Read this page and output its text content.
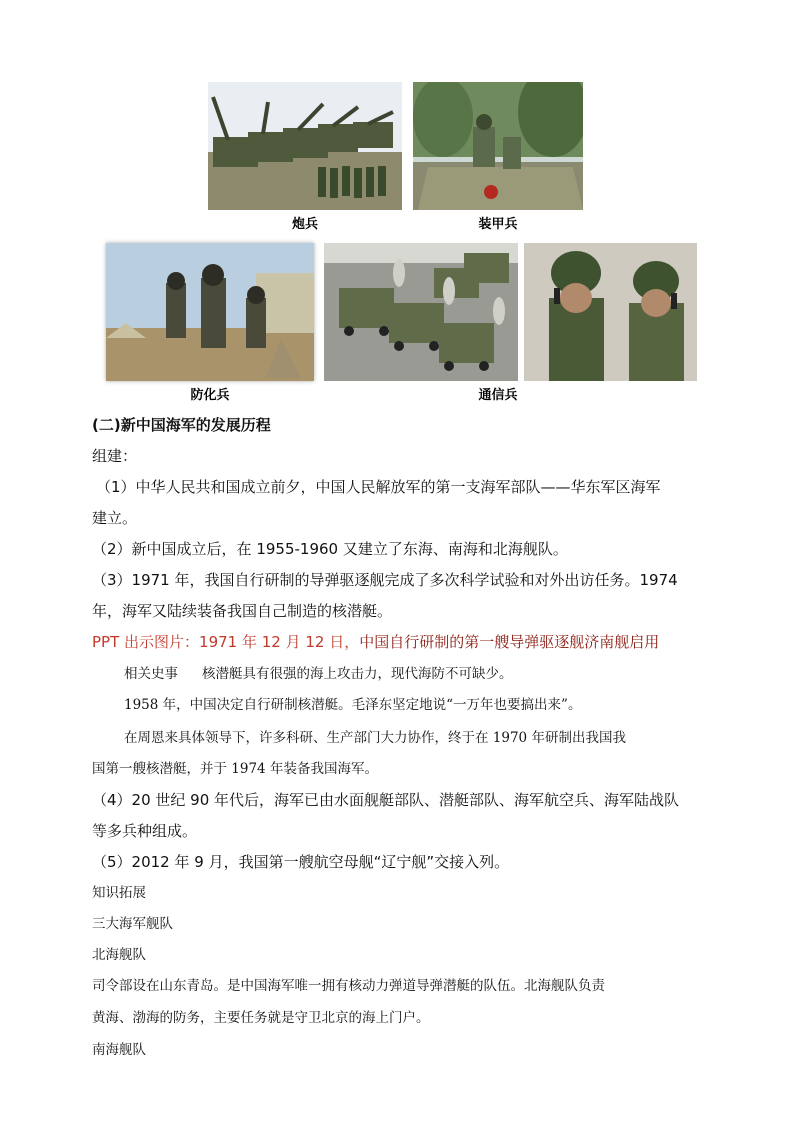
炮兵	装甲兵
防化兵	通信兵
(二)新中国海军的发展历程
组建：
（1）中华人民共和国成立前夕，中国人民解放军的第一支海军部队——华东军区海军
建立。
（2）新中国成立后，在 1955-1960 又建立了东海、南海和北海舰队。
（3）1971 年，我国自行研制的导弹驱逐舰完成了多次科学试验和对外出访任务。1974
年，海军又陆续装备我国自己制造的核潜艇。
PPT 出示图片：1971 年 12 月 12 日，中国自行研制的第一艘导弹驱逐舰济南舰启用
相关史事 核潜艇具有很强的海上攻击力，现代海防不可缺少。
1958 年，中国决定自行研制核潜艇。毛泽东坚定地说“一万年也要搞出来”。
在周恩来具体领导下，许多科研、生产部门大力协作，终于在 1970 年研制出我国我
国第一艘核潜艇，并于 1974 年装备我国海军。
（4）20 世纪 90 年代后，海军已由水面舰艇部队、潜艇部队、海军航空兵、海军陆战队
等多兵种组成。
（5）2012 年 9 月，我国第一艘航空母舰“辽宁舰”交接入列。
知识拓展
三大海军舰队
北海舰队
司令部设在山东青岛。是中国海军唯一拥有核动力弹道导弹潜艇的队伍。北海舰队负责
黄海、渤海的防务，主要任务就是守卫北京的海上门户。
南海舰队
